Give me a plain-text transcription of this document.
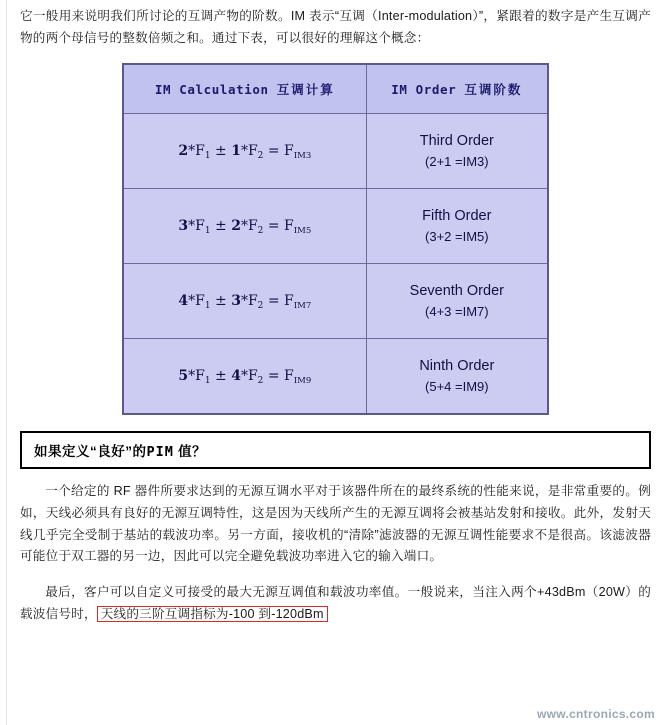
它一般用来说明我们所讨论的互调产物的阶数。IM 表示“互调（Inter-modulation）”，紧跟着的数字是产生互调产物的两个母信号的整数倍频之和。通过下表，可以很好的理解这个概念：

IM Calculation 互调计算	IM Order 互调阶数
$2*F_1 \pm 1*F_2 = F_{IM3}$	Third Order
(2+1 =IM3)

$3*F_1 \pm 2*F_2 = F_{IM5}$	Fifth Order
(3+2 =IM5)

$4*F_1 \pm 3*F_2 = F_{IM7}$	Seventh Order
(4+3 =IM7)

$5*F_1 \pm 4*F_2 = F_{IM9}$	Ninth Order
(5+4 =IM9)
如果定义“良好”的PIM 值？

一个给定的 RF 器件所要求达到的无源互调水平对于该器件所在的最终系统的性能来说，是非常重要的。例如，天线必须具有良好的无源互调特性，这是因为天线所产生的无源互调将会被基站发射和接收。此外，发射天线几乎完全受制于基站的载波功率。另一方面，接收机的“清除”滤波器的无源互调性能要求不是很高。该滤波器可能位于双工器的另一边，因此可以完全避免载波功率进入它的输入端口。

最后，客户可以自定义可接受的最大无源互调值和载波功率值。一般说来，当注入两个+43dBm（20W）的载波信号时， 天线的三阶互调指标为-100 到-120dBm

www.cntronics.com
